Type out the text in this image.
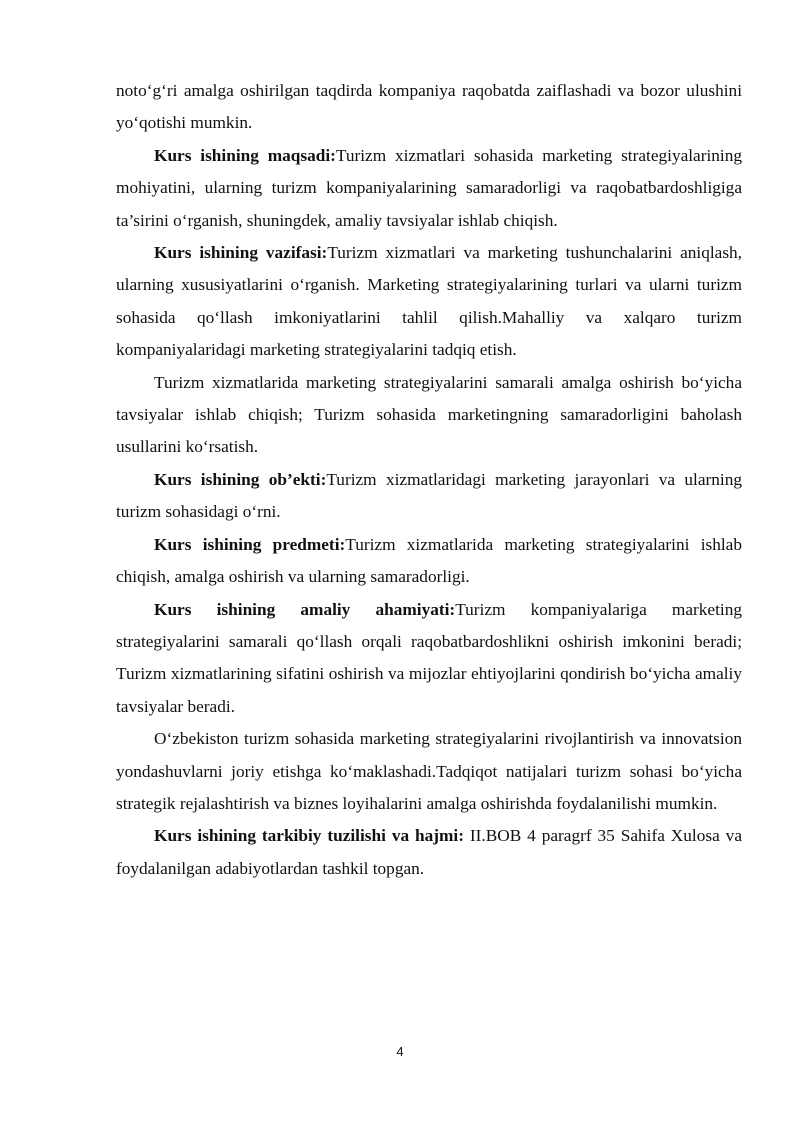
noto‘g‘ri amalga oshirilgan taqdirda kompaniya raqobatda zaiflashadi va bozor ulushini yo‘qotishi mumkin.

Kurs ishining maqsadi:Turizm xizmatlari sohasida marketing strategiyalarining mohiyatini, ularning turizm kompaniyalarining samaradorligi va raqobatbardoshligiga ta’sirini o‘rganish, shuningdek, amaliy tavsiyalar ishlab chiqish.

Kurs ishining vazifasi:Turizm xizmatlari va marketing tushunchalarini aniqlash, ularning xususiyatlarini o‘rganish. Marketing strategiyalarining turlari va ularni turizm sohasida qo‘llash imkoniyatlarini tahlil qilish.Mahalliy va xalqaro turizm kompaniyalaridagi marketing strategiyalarini tadqiq etish.

Turizm xizmatlarida marketing strategiyalarini samarali amalga oshirish bo‘yicha tavsiyalar ishlab chiqish; Turizm sohasida marketingning samaradorligini baholash usullarini ko‘rsatish.

Kurs ishining ob’ekti:Turizm xizmatlaridagi marketing jarayonlari va ularning turizm sohasidagi o‘rni.

Kurs ishining predmeti:Turizm xizmatlarida marketing strategiyalarini ishlab chiqish, amalga oshirish va ularning samaradorligi.

Kurs ishining amaliy ahamiyati:Turizm kompaniyalariga marketing strategiyalarini samarali qo‘llash orqali raqobatbardoshlikni oshirish imkonini beradi; Turizm xizmatlarining sifatini oshirish va mijozlar ehtiyojlarini qondirish bo‘yicha amaliy tavsiyalar beradi.

O‘zbekiston turizm sohasida marketing strategiyalarini rivojlantirish va innovatsion yondashuvlarni joriy etishga ko‘maklashadi.Tadqiqot natijalari turizm sohasi bo‘yicha strategik rejalashtirish va biznes loyihalarini amalga oshirishda foydalanilishi mumkin.

Kurs ishining tarkibiy tuzilishi va hajmi: II.BOB 4 paragrf 35 Sahifa Xulosa va foydalanilgan adabiyotlardan tashkil topgan.

4
